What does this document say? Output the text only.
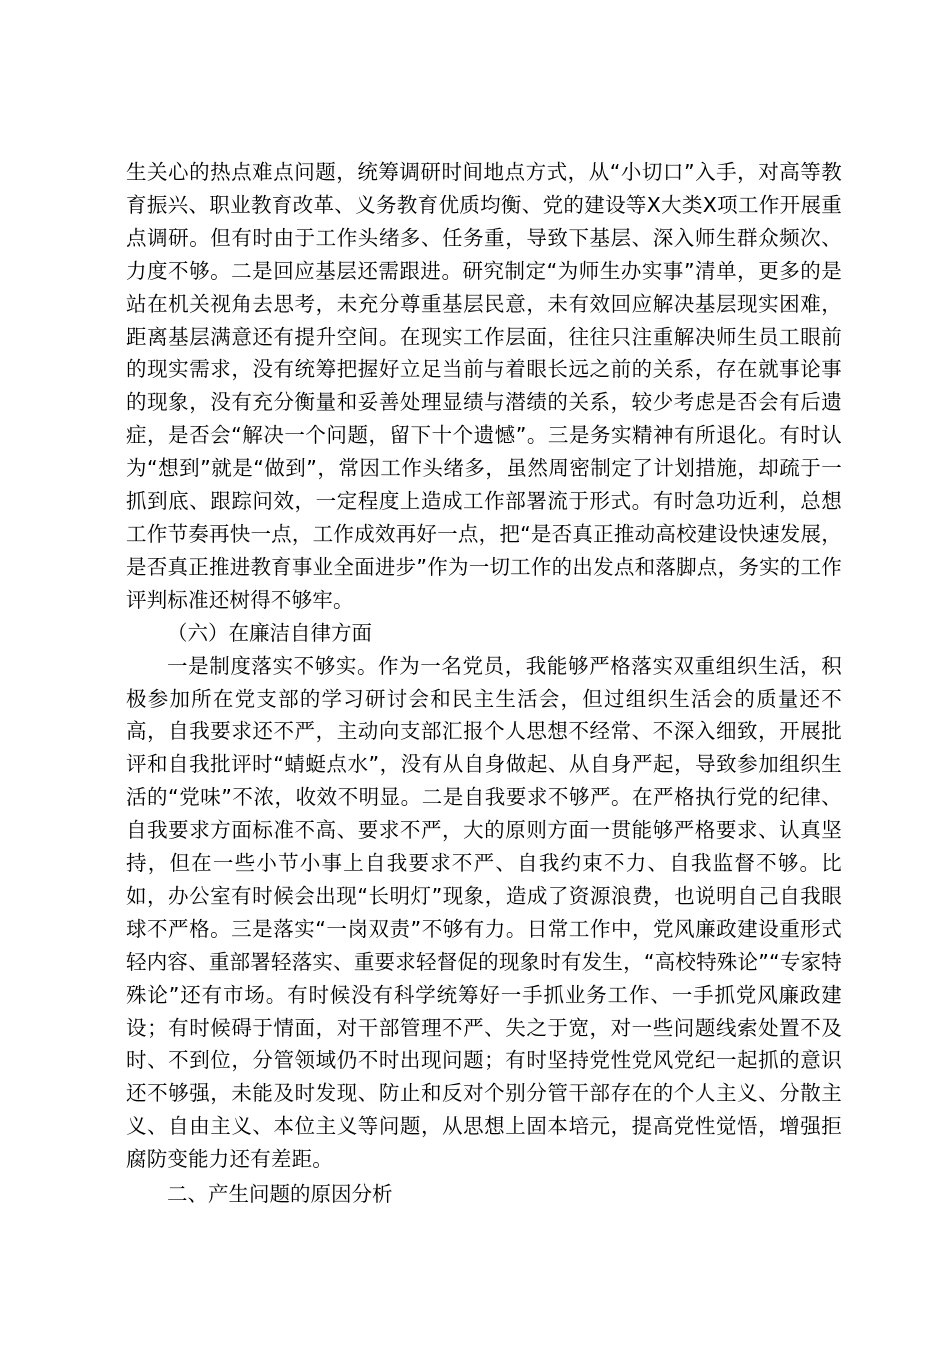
生关心的热点难点问题，统筹调研时间地点方式，从“小切口”入手，对高等教育振兴、职业教育改革、义务教育优质均衡、党的建设等X大类X项工作开展重点调研。但有时由于工作头绪多、任务重，导致下基层、深入师生群众频次、力度不够。二是回应基层还需跟进。研究制定“为师生办实事”清单，更多的是站在机关视角去思考，未充分尊重基层民意，未有效回应解决基层现实困难，距离基层满意还有提升空间。在现实工作层面，往往只注重解决师生员工眼前的现实需求，没有统筹把握好立足当前与着眼长远之前的关系，存在就事论事的现象，没有充分衡量和妥善处理显绩与潜绩的关系，较少考虑是否会有后遗症，是否会“解决一个问题，留下十个遗憾”。三是务实精神有所退化。有时认为“想到”就是“做到”，常因工作头绪多，虽然周密制定了计划措施，却疏于一抓到底、跟踪问效，一定程度上造成工作部署流于形式。有时急功近利，总想工作节奏再快一点，工作成效再好一点，把“是否真正推动高校建设快速发展，是否真正推进教育事业全面进步”作为一切工作的出发点和落脚点，务实的工作评判标准还树得不够牢。

（六）在廉洁自律方面

一是制度落实不够实。作为一名党员，我能够严格落实双重组织生活，积极参加所在党支部的学习研讨会和民主生活会，但过组织生活会的质量还不高，自我要求还不严，主动向支部汇报个人思想不经常、不深入细致，开展批评和自我批评时“蜻蜓点水”，没有从自身做起、从自身严起，导致参加组织生活的“党味”不浓，收效不明显。二是自我要求不够严。在严格执行党的纪律、自我要求方面标准不高、要求不严，大的原则方面一贯能够严格要求、认真坚持，但在一些小节小事上自我要求不严、自我约束不力、自我监督不够。比如，办公室有时候会出现“长明灯”现象，造成了资源浪费，也说明自己自我眼球不严格。三是落实“一岗双责”不够有力。日常工作中，党风廉政建设重形式轻内容、重部署轻落实、重要求轻督促的现象时有发生，“高校特殊论”“专家特殊论”还有市场。有时候没有科学统筹好一手抓业务工作、一手抓党风廉政建设；有时候碍于情面，对干部管理不严、失之于宽，对一些问题线索处置不及时、不到位，分管领域仍不时出现问题；有时坚持党性党风党纪一起抓的意识还不够强，未能及时发现、防止和反对个别分管干部存在的个人主义、分散主义、自由主义、本位主义等问题，从思想上固本培元，提高党性觉悟，增强拒腐防变能力还有差距。

二、产生问题的原因分析
